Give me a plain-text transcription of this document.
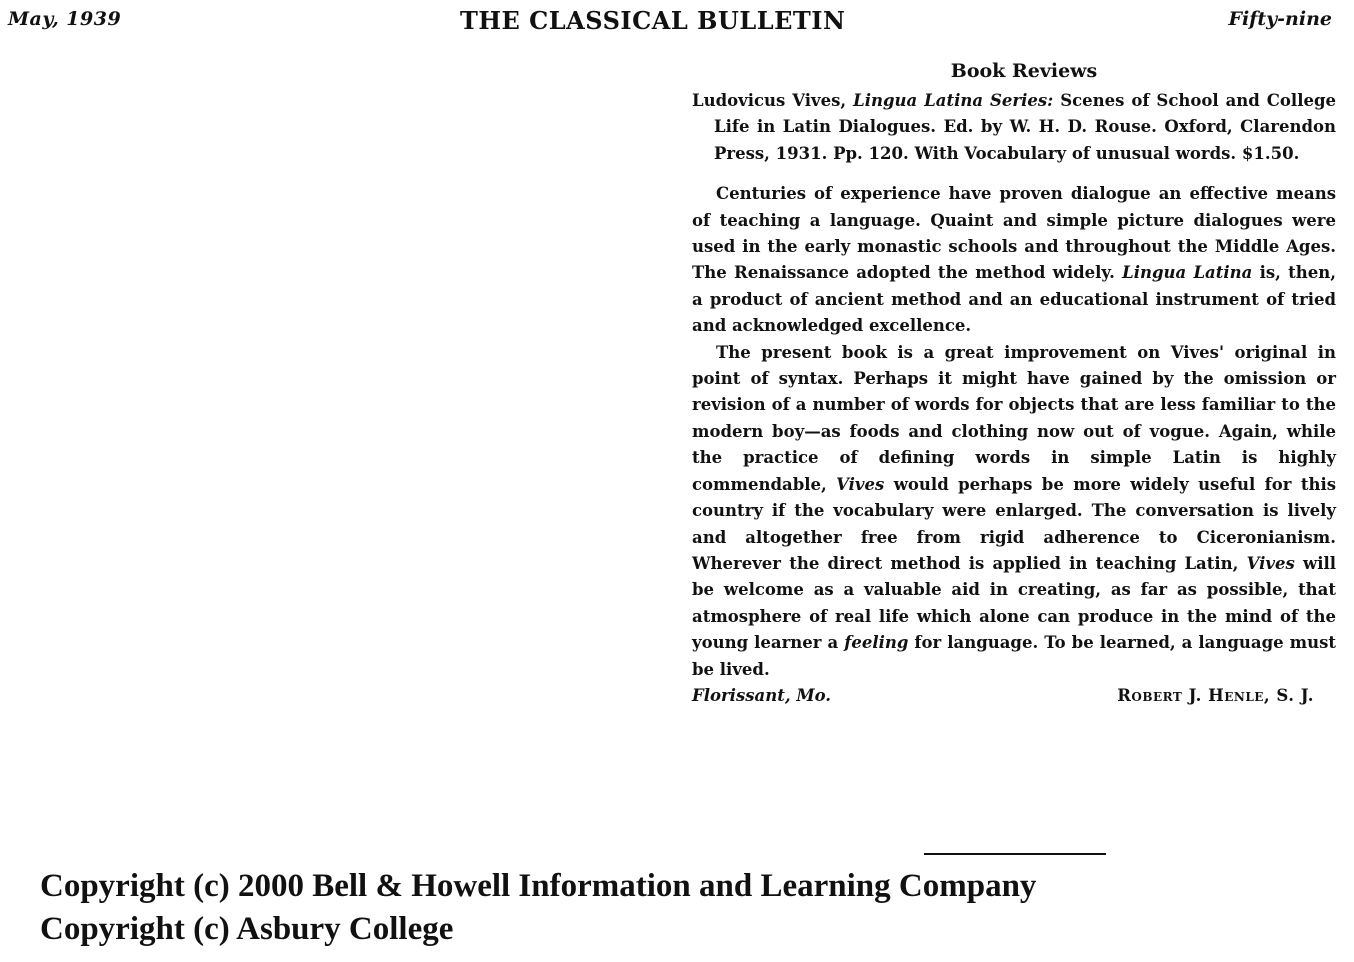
May, 1939	THE CLASSICAL BULLETIN	Fifty-nine

Book Reviews

Ludovicus Vives, Lingua Latina Series: Scenes of School and College Life in Latin Dialogues. Ed. by W. H. D. Rouse. Oxford, Clarendon Press, 1931. Pp. 120. With Vocabulary of unusual words. $1.50.

Centuries of experience have proven dialogue an effective means of teaching a language. Quaint and simple picture dialogues were used in the early monastic schools and throughout the Middle Ages. The Renaissance adopted the method widely. Lingua Latina is, then, a product of ancient method and an educational instrument of tried and acknowledged excellence.

The present book is a great improvement on Vives' original in point of syntax. Perhaps it might have gained by the omission or revision of a number of words for objects that are less familiar to the modern boy—as foods and clothing now out of vogue. Again, while the practice of defining words in simple Latin is highly commendable, Vives would perhaps be more widely useful for this country if the vocabulary were enlarged. The conversation is lively and altogether free from rigid adherence to Ciceronianism. Wherever the direct method is applied in teaching Latin, Vives will be welcome as a valuable aid in creating, as far as possible, that atmosphere of real life which alone can produce in the mind of the young learner a feeling for language. To be learned, a language must be lived.

Florissant, Mo.	Robert J. Henle, S. J.
Copyright (c) 2000 Bell & Howell Information and Learning Company
Copyright (c) Asbury College
